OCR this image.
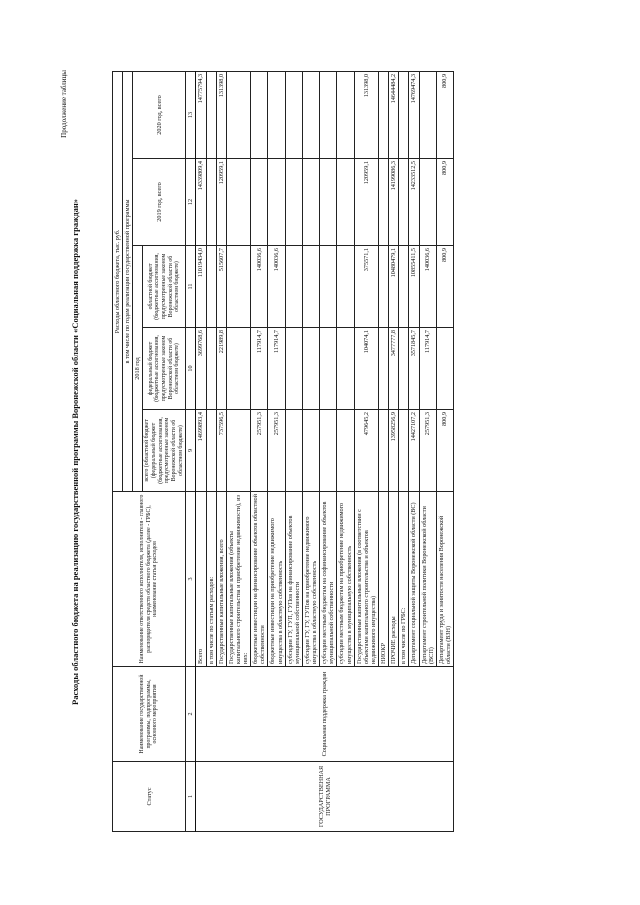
Продолжение таблицы
Расходы областного бюджета на реализацию государственной программы Воронежской области «Социальная поддержка граждан»
Статус	Наименование государственной программы, подпрограммы, основного мероприятия	Наименование ответственного исполнителя, исполнителя - главного распорядителя средств областного бюджета (далее - ГРБС), наименование статьи расходов	Расходы областного бюджета, тыс. руб.				
			в том числе по годам реализации государственной программы				
			2018 год			2019 год, всего	2020 год, всего
			всего (областной бюджет (федеральный бюджет (бюджетные ассигнования, предусмотренные законом Воронежской области об областном бюджете)	федеральный бюджет (бюджетные ассигнования, предусмотренные законом Воронежской области об областном бюджете)	областной бюджет (бюджетные ассигнования, предусмотренные законом Воронежской области об областном бюджете)		
1	2	3	9	10	11	12	13
ГОСУДАРСТВЕННАЯ ПРОГРАММА	Социальная поддержка граждан	Всего	14699893,4	3699768,6	11019434,0	14339809,4	14775794,3
		в том числе по статьям расходов:					
		Государственные капитальные вложения, всего	737596,5	221989,8	515607,7	120959,1	131398,0
		Государственные капитальные вложения (объекты капитального строительства и приобретение недвижимости), из них:					
		бюджетные инвестиции на финансирование объектов областной собственности	257951,3	117914,7	140036,6		
		бюджетные инвестиции на приобретение недвижимого имущества в областную собственность	257951,3	117914,7	140036,6		
		субсидии ГУ, ГУП, ГУПов на финансирование объектов муниципальной собственности					
		субсидии ГУ, ГУ, ГУПов на приобретение недвижимого имущества в областную собственность					
		субсидии местным бюджетам на софинансирование объектов муниципальной собственности					
		субсидии местным бюджетам на приобретение недвижимого имущества в муниципальную собственность					
		Государственные капитальные вложения (в соответствии с объектами капитального строительства и объектов недвижимого имущества)	479645,2	104074,1	375571,1	120959,1	131398,0
		НИОКР					
		ПРОЧИЕ расходы	13958256,9	3477777,8	10480479,1	14199086,3	14644484,2
		в том числе по ГРБС:					
		Департамент социальной защиты Воронежской области (ВС)	14427107,2	3571845,7	10855411,5	14233512,5	14769474,3
		Департамент строительной политики Воронежской области (ВСП)	257951,3	117914,7	140036,6		
		Департамент труда и занятости населения Воронежской области (ВЗН)	800,9		800,9	800,9	800,9
